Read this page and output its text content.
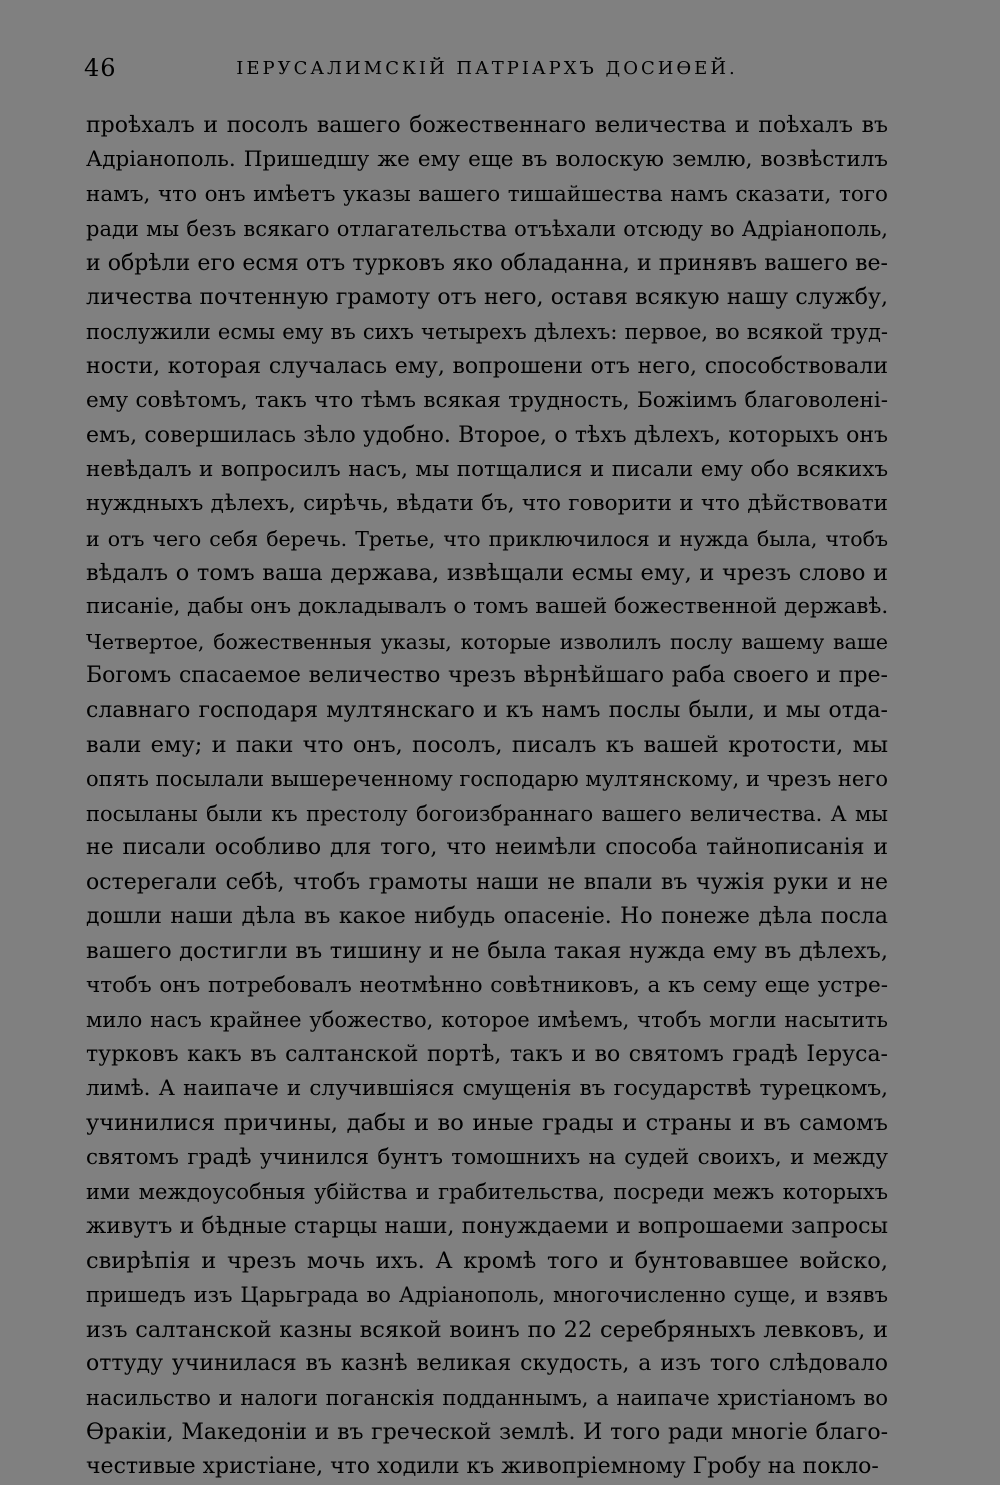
46	ІЕРУСАЛИМСКІЙ ПАТРІАРХЪ ДОСИѲЕЙ.
проѣхалъ и посолъ вашего божественнаго величества и поѣхалъ въ
Адріанополь. Пришедшу же ему еще въ волоскую землю, возвѣстилъ
намъ, что онъ имѣетъ указы вашего тишайшества намъ сказати, того
ради мы безъ всякаго отлагательства отъѣхали отсюду во Адріанополь,
и обрѣли его есмя отъ турковъ яко обладанна, и принявъ вашего ве-
личества почтенную грамоту отъ него, оставя всякую нашу службу,
послужили есмы ему въ сихъ четырехъ дѣлехъ: первое, во всякой труд-
ности, которая случалась ему, вопрошени отъ него, способствовали
ему совѣтомъ, такъ что тѣмъ всякая трудность, Божіимъ благоволені-
емъ, совершилась зѣло удобно. Второе, о тѣхъ дѣлехъ, которыхъ онъ
невѣдалъ и вопросилъ насъ, мы потщалися и писали ему обо всякихъ
нуждныхъ дѣлехъ, сирѣчь, вѣдати бъ, что говорити и что дѣйствовати
и отъ чего себя беречь. Третье, что приключилося и нужда была, чтобъ
вѣдалъ о томъ ваша держава, извѣщали есмы ему, и чрезъ слово и
писаніе, дабы онъ докладывалъ о томъ вашей божественной державѣ.
Четвертое, божественныя указы, которые изволилъ послу вашему ваше
Богомъ спасаемое величество чрезъ вѣрнѣйшаго раба своего и пре-
славнаго господаря мултянскаго и къ намъ послы были, и мы отда-
вали ему; и паки что онъ, посолъ, писалъ къ вашей кротости, мы
опять посылали вышереченному господарю мултянскому, и чрезъ него
посыланы были къ престолу богоизбраннаго вашего величества. А мы
не писали особливо для того, что неимѣли способа тайнописанія и
остерегали себѣ, чтобъ грамоты наши не впали въ чужія руки и не
дошли наши дѣла въ какое нибудь опасеніе. Но понеже дѣла посла
вашего достигли въ тишину и не была такая нужда ему въ дѣлехъ,
чтобъ онъ потребовалъ неотмѣнно совѣтниковъ, а къ сему еще устре-
мило насъ крайнее убожество, которое имѣемъ, чтобъ могли насытить
турковъ какъ въ салтанской портѣ, такъ и во святомъ градѣ Іеруса-
лимѣ. А наипаче и случившіяся смущенія въ государствѣ турецкомъ,
учинилися причины, дабы и во иные грады и страны и въ самомъ
святомъ градѣ учинился бунтъ томошнихъ на судей своихъ, и между
ими междоусобныя убійства и грабительства, посреди межъ которыхъ
живутъ и бѣдные старцы наши, понуждаеми и вопрошаеми запросы
свирѣпія и чрезъ мочь ихъ. А кромѣ того и бунтовавшее войско,
пришедъ изъ Царьграда во Адріанополь, многочисленно суще, и взявъ
изъ салтанской казны всякой воинъ по 22 серебряныхъ левковъ, и
оттуду учинилася въ казнѣ великая скудость, а изъ того слѣдовало
насильство и налоги поганскія подданнымъ, а наипаче христіаномъ во
Ѳракіи, Македоніи и въ греческой землѣ. И того ради многіе благо-
честивые христіане, что ходили къ живопріемному Гробу на покло-
